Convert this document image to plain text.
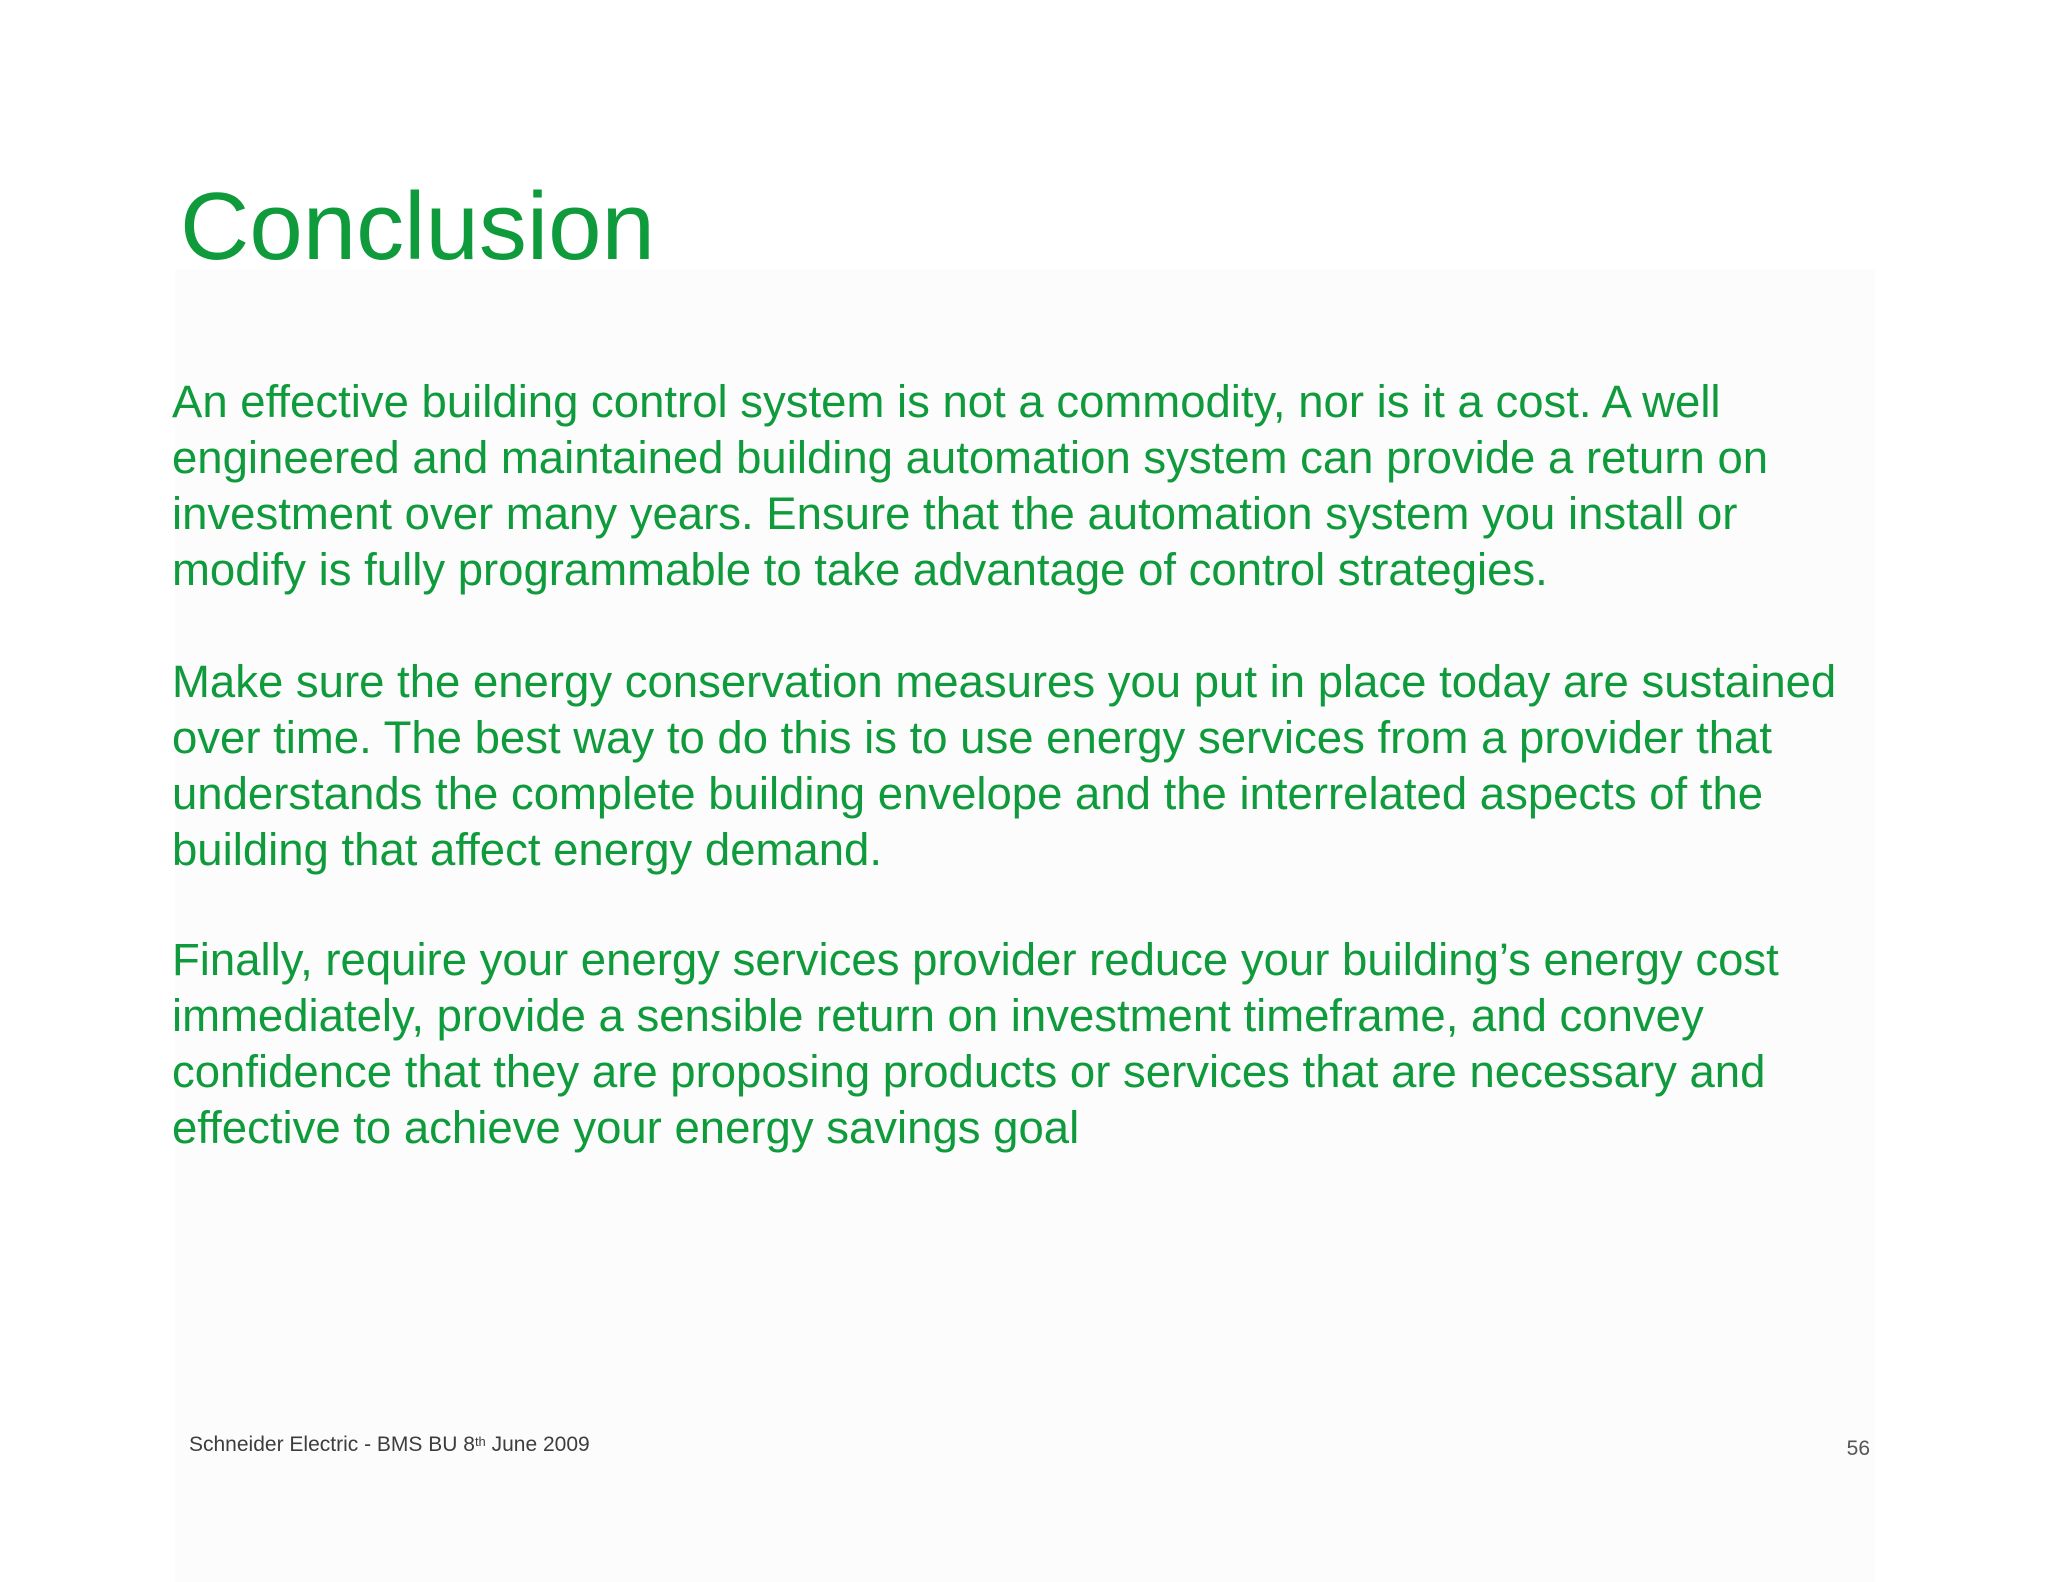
Conclusion

An effective building control system is not a commodity, nor is it a cost. A well engineered and maintained building automation system can provide a return on investment over many years. Ensure that the automation system you install or modify is fully programmable to take advantage of control strategies.

Make sure the energy conservation measures you put in place today are sustained over time. The best way to do this is to use energy services from a provider that understands the complete building envelope and the interrelated aspects of the building that affect energy demand.

Finally, require your energy services provider reduce your building’s energy cost immediately, provide a sensible return on investment timeframe, and convey confidence that they are proposing products or services that are necessary and effective to achieve your energy savings goal

Schneider Electric - BMS BU 8th June 2009	56
